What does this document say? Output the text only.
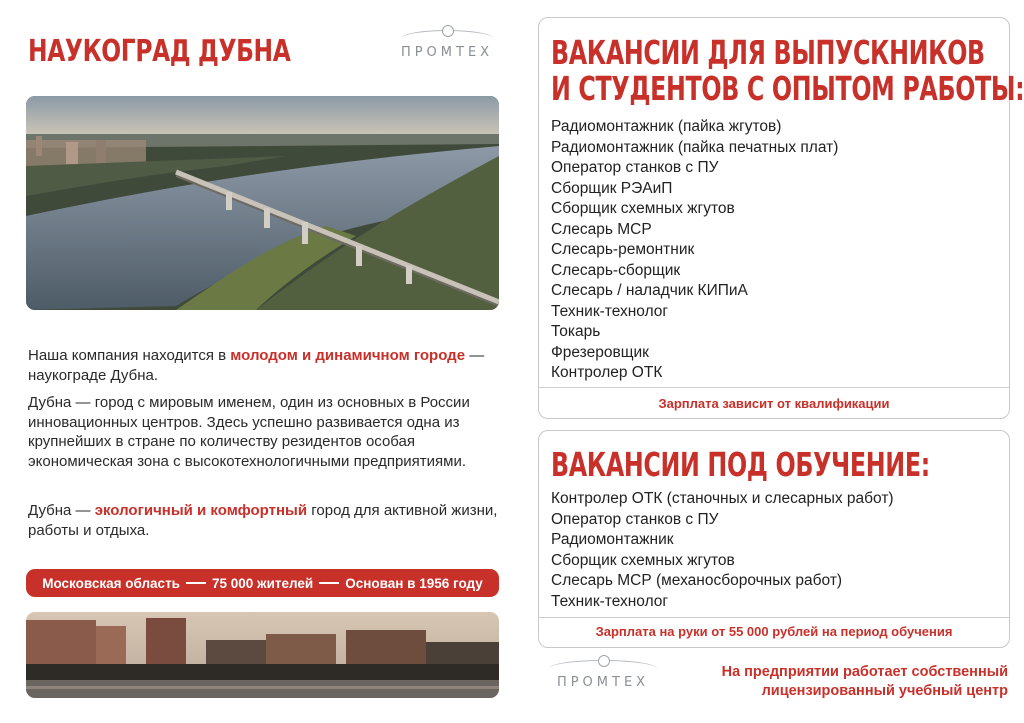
НАУКОГРАД ДУБНА	ПРОМТЕХ
Наша компания находится в молодом и динамичном городе — наукограде Дубна.
Дубна — город с мировым именем, один из основных в России инновационных центров. Здесь успешно развивается одна из крупнейших в стране по количеству резидентов особая экономическая зона с высокотехнологичными предприятиями.
Дубна — экологичный и комфортный город для активной жизни, работы и отдыха.
Московская область 75 000 жителей Основан в 1956 году
ВАКАНСИИ ДЛЯ ВЫПУСКНИКОВ
И СТУДЕНТОВ С ОПЫТОМ РАБОТЫ:
Радиомонтажник (пайка жгутов)
Радиомонтажник (пайка печатных плат)
Оператор станков с ПУ
Сборщик РЭАиП
Сборщик схемных жгутов
Слесарь МСР
Слесарь-ремонтник
Слесарь-сборщик
Слесарь / наладчик КИПиА
Техник-технолог
Токарь
Фрезеровщик
Контролер ОТК
Зарплата зависит от квалификации
ВАКАНСИИ ПОД ОБУЧЕНИЕ:
Контролер ОТК (станочных и слесарных работ)
Оператор станков с ПУ
Радиомонтажник
Сборщик схемных жгутов
Слесарь МСР (механосборочных работ)
Техник-технолог
Зарплата на руки от 55 000 рублей на период обучения
ПРОМТЕХ
На предприятии работает собственный
лицензированный учебный центр
